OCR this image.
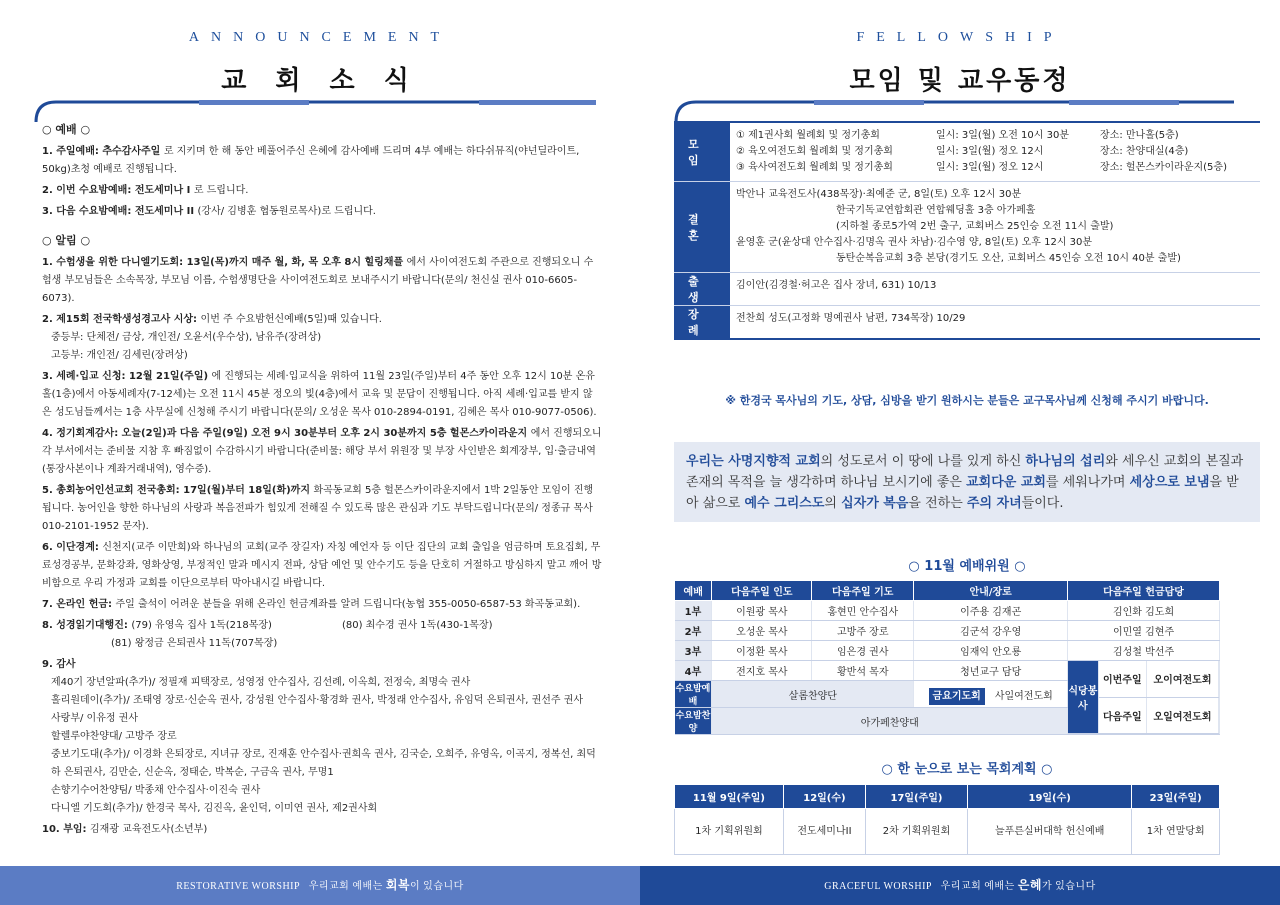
ANNOUNCEMENT
교 회 소 식
○ 예배 ○
1. 주일예배: 추수감사주일 로 지키며 한 해 동안 베풀어주신 은혜에 감사예배 드리며 4부 예배는 하다쉬뮤직(야넌딜라이트, 50kg)초청 예배로 진행됩니다.
2. 이번 수요밤예배: 전도세미나 I 로 드립니다.
3. 다음 수요밤예배: 전도세미나 II (강사/ 김병훈 협동원로목사)로 드립니다.
○ 알림 ○
1. 수험생을 위한 다니엘기도회: 13일(목)까지 매주 월, 화, 목 오후 8시 힐링채플 에서 사이여전도회 주관으로 진행되오니 수험생 부모님들은 소속목장, 부모님 이름, 수험생명단을 사이여전도회로 보내주시기 바랍니다(문의/ 천신실 권사 010-6605-6073).
2. 제15회 전국학생성경고사 시상: 이번 주 수요밤헌신예배(5일)때 있습니다.
중등부: 단체전/ 금상, 개인전/ 오윤서(우수상), 남유주(장려상)
고등부: 개인전/ 김세린(장려상)
3. 세례·입교 신청: 12월 21일(주일) 에 진행되는 세례·입교식을 위하여 11월 23일(주일)부터 4주 동안 오후 12시 10분 온유홀(1층)에서 아동세례자(7-12세)는 오전 11시 45분 정오의 빛(4층)에서 교육 및 문답이 진행됩니다. 아직 세례·입교를 받지 않은 성도님들께서는 1층 사무실에 신청해 주시기 바랍니다(문의/ 오성운 목사 010-2894-0191, 김혜은 목사 010-9077-0506).
4. 정기회계감사: 오늘(2일)과 다음 주일(9일) 오전 9시 30분부터 오후 2시 30분까지 5층 헐몬스카이라운지 에서 진행되오니 각 부서에서는 준비물 지참 후 빠짐없이 수감하시기 바랍니다(준비물: 해당 부서 위원장 및 부장 사인받은 회계장부, 입·출금내역(통장사본이나 계좌거래내역), 영수증).
5. 총회농어인선교회 전국총회: 17일(월)부터 18일(화)까지 화곡동교회 5층 헐몬스카이라운지에서 1박 2일동안 모임이 진행 됩니다. 농어인을 향한 하나님의 사랑과 복음전파가 힘있게 전해질 수 있도록 많은 관심과 기도 부탁드립니다(문의/ 정종규 목사 010-2101-1952 문자).
6. 이단경계: 신천지(교주 이만희)와 하나님의 교회(교주 장길자) 자칭 예언자 등 이단 집단의 교회 출입을 엄금하며 토요집회, 무료성경공부, 문화강좌, 영화상영, 부정적인 말과 메시지 전파, 상담 예언 및 안수기도 등을 단호히 거절하고 방심하지 말고 깨어 방비함으로 우리 가정과 교회를 이단으로부터 막아내시길 바랍니다.
7. 온라인 헌금: 주일 출석이 어려운 분들을 위해 온라인 헌금계좌를 알려 드립니다(농협 355-0050-6587-53 화곡동교회).
8. 성경읽기대행진: (79) 유영옥 집사 1독(218목장)　　　　　　　(80) 최수경 권사 1독(430-1목장)
　　　　　　(81) 왕정금 은퇴권사 11독(707목장)
9. 감사
제40기 장년알파(추가)/ 정필재 피택장로, 성영정 안수집사, 김선례, 이옥희, 전정숙, 최명숙 권사
홀리원데이(추가)/ 조태영 장로·신순옥 권사, 강성원 안수집사·황경화 권사, 박정래 안수집사, 유임덕 은퇴권사, 권선주 권사
사랑부/ 이유정 권사
할렐루야찬양대/ 고방주 장로
중보기도대(추가)/ 이경화 은퇴장로, 지녀규 장로, 진재훈 안수집사·권희옥 권사, 김국순, 오희주, 유영옥, 이곡지, 정복선, 최덕하 은퇴권사, 김만순, 신순옥, 정태순, 박복순, 구금옥 권사, 무명1
손향기수어찬양팀/ 박종채 안수집사·이진숙 권사
다니엘 기도회(추가)/ 한경국 목사, 김진옥, 윤인덕, 이미연 권사, 제2권사회
10. 부임: 김재광 교육전도사(소년부)
RESTORATIVE WORSHIP 우리교회 예배는 회복이 있습니다
FELLOWSHIP
모임 및 교우동정
모임
① 제1권사회 월례회 및 정기총회	일시: 3일(월) 오전 10시 30분	장소: 만나홀(5층)
② 육오여전도회 월례회 및 정기총회	일시: 3일(월) 정오 12시	장소: 찬양대실(4층)
③ 육사여전도회 월례회 및 정기총회	일시: 3일(월) 정오 12시	장소: 헐몬스카이라운지(5층)
결혼
박안나 교육전도사(438목장)·최예준 군, 8일(토) 오후 12시 30분
　　　　　　　　　　한국기독교연합회관 연합웨딩홀 3층 아가페홀
　　　　　　　　　　(지하철 종로5가역 2번 출구, 교회버스 25인승 오전 11시 출발)
윤영훈 군(윤상대 안수집사·김명옥 권사 차남)·김수영 양, 8일(토) 오후 12시 30분
　　　　　　　　　　동탄순복음교회 3층 본당(경기도 오산, 교회버스 45인승 오전 10시 40분 출발)
출생
김이안(김경철·허고은 집사 장녀, 631) 10/13
장례
전찬희 성도(고정화 명예권사 남편, 734목장) 10/29
※ 한경국 목사님의 기도, 상담, 심방을 받기 원하시는 분들은 교구목사님께 신청해 주시기 바랍니다.
우리는 사명지향적 교회의 성도로서 이 땅에 나를 있게 하신 하나님의 섭리와 세우신 교회의 본질과 존재의 목적을 늘 생각하며 하나님 보시기에 좋은 교회다운 교회를 세워나가며 세상으로 보냄을 받아 삶으로 예수 그리스도의 십자가 복음을 전하는 주의 자녀들이다.
○ 11월 예배위원 ○
○ 한 눈으로 보는 목회계획 ○
GRACEFUL WORSHIP 우리교회 예배는 은혜가 있습니다
예배	다음주일 인도	다음주일 기도	안내/장로	다음주일 헌금담당
1부	이원광 목사	홍현민 안수집사	이주용 김재곤	김인화 김도희
2부	오성운 목사	고방주 장로	김군석 강우영	이민열 김현주
3부	이정환 목사	임은경 권사	임재익 안오룡	김성철 박선주
4부	전지호 목사	황반석 목자	청년교구 담당	
식당봉사	이번주일	오이여전도회
다음주일	오일여전도회

수요밤예배	살롬찬양단	금요기도회 사일여전도회
수요밤찬양	아가페찬양대
11월 9일(주일)	12일(수)	17일(주일)	19일(수)	23일(주일)
1차 기획위원회	전도세미나II	2차 기획위원회	늘푸른실버대학 헌신예배	1차 연말당회
